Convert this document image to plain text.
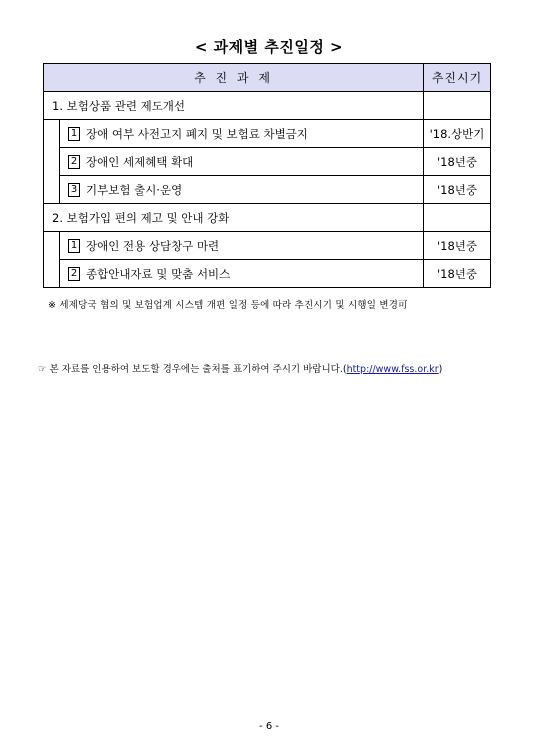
< 과제별 추진일정 >
추 진 과 제		추진시기
1. 보험상품 관련 제도개선		
	1 장애 여부 사전고지 폐지 및 보험료 차별금지	'18.상반기
	2 장애인 세제혜택 확대	'18년중
	3 기부보험 출시·운영	'18년중
2. 보험가입 편의 제고 및 안내 강화		
	1 장애인 전용 상담창구 마련	'18년중
	2 종합안내자료 및 맞춤 서비스	'18년중
※ 세제당국 협의 및 보험업계 시스템 개편 일정 등에 따라 추진시기 및 시행일 변경可
☞ 본 자료를 인용하여 보도할 경우에는 출처를 표기하여 주시기 바랍니다.(http://www.fss.or.kr)
- 6 -
